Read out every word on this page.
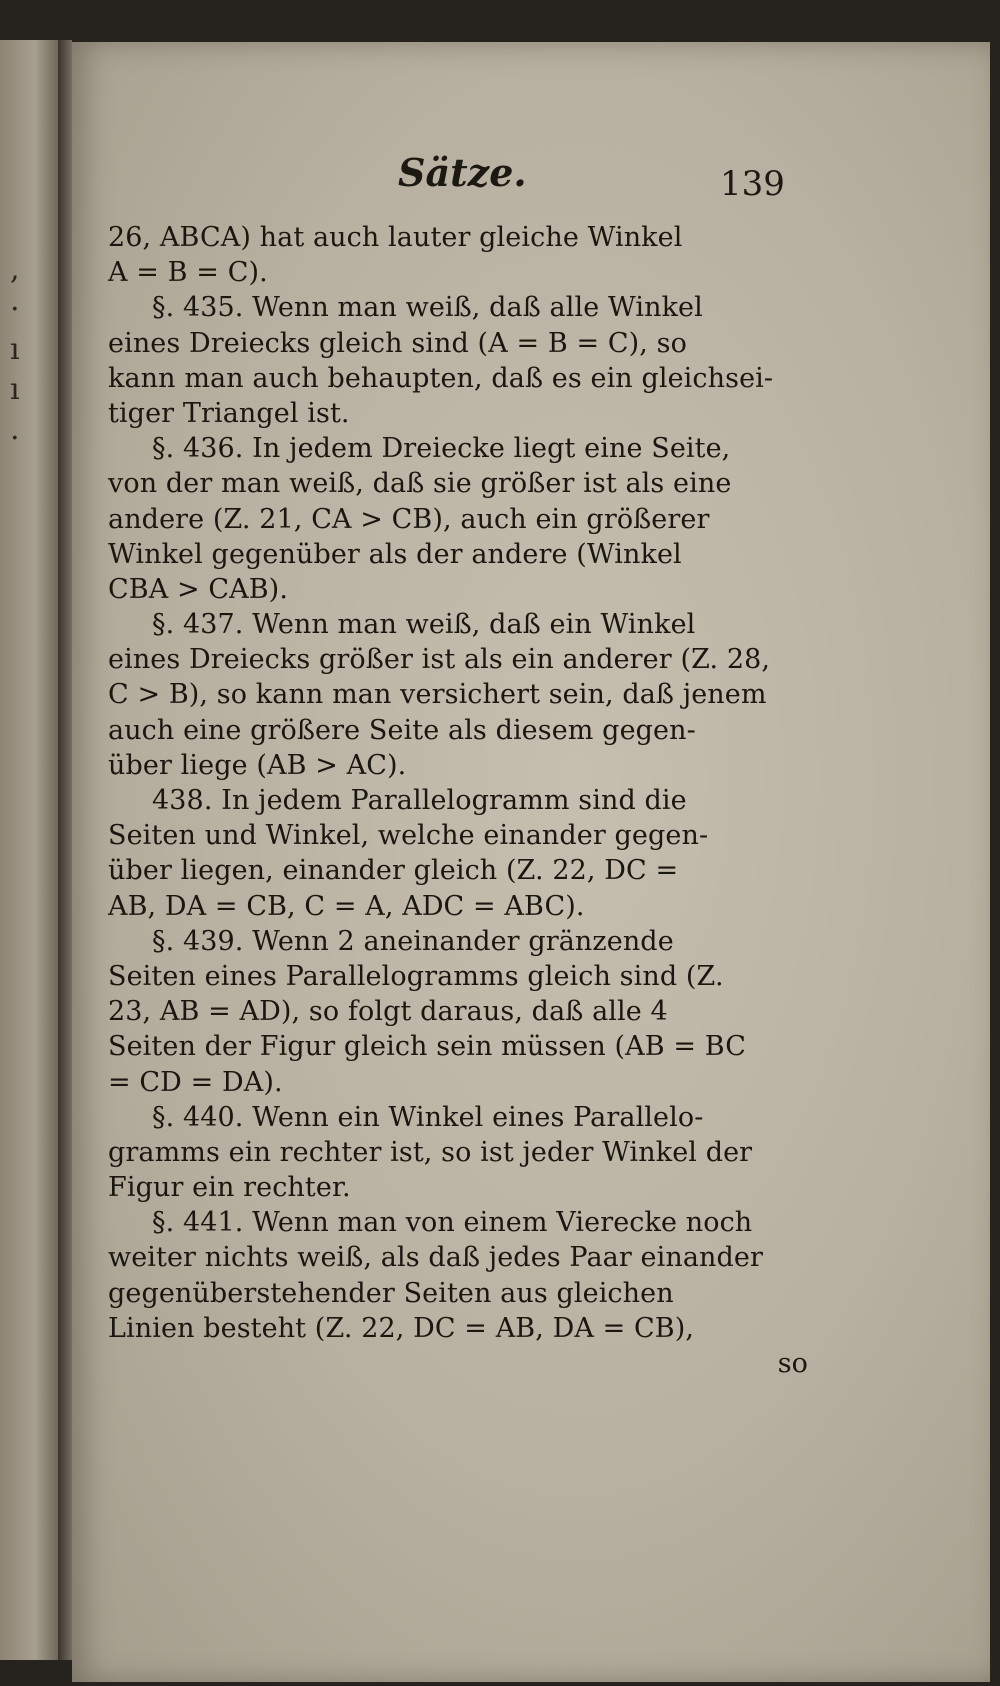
,
·
ı
ı
.
Sätze.	139
26, ABCA) hat auch lauter gleiche Winkel
A = B = C).
§. 435. Wenn man weiß, daß alle Winkel
eines Dreiecks gleich sind (A = B = C), so
kann man auch behaupten, daß es ein gleichsei-
tiger Triangel ist.
§. 436. In jedem Dreiecke liegt eine Seite,
von der man weiß, daß sie größer ist als eine
andere (Z. 21, CA > CB), auch ein größerer
Winkel gegenüber als der andere (Winkel
CBA > CAB).
§. 437. Wenn man weiß, daß ein Winkel
eines Dreiecks größer ist als ein anderer (Z. 28,
C > B), so kann man versichert sein, daß jenem
auch eine größere Seite als diesem gegen-
über liege (AB > AC).
438. In jedem Parallelogramm sind die
Seiten und Winkel, welche einander gegen-
über liegen, einander gleich (Z. 22, DC =
AB, DA = CB, C = A, ADC = ABC).
§. 439. Wenn 2 aneinander gränzende
Seiten eines Parallelogramms gleich sind (Z.
23, AB = AD), so folgt daraus, daß alle 4
Seiten der Figur gleich sein müssen (AB = BC
= CD = DA).
§. 440. Wenn ein Winkel eines Parallelo-
gramms ein rechter ist, so ist jeder Winkel der
Figur ein rechter.
§. 441. Wenn man von einem Vierecke noch
weiter nichts weiß, als daß jedes Paar einander
gegenüberstehender Seiten aus gleichen
Linien besteht (Z. 22, DC = AB, DA = CB),
so
